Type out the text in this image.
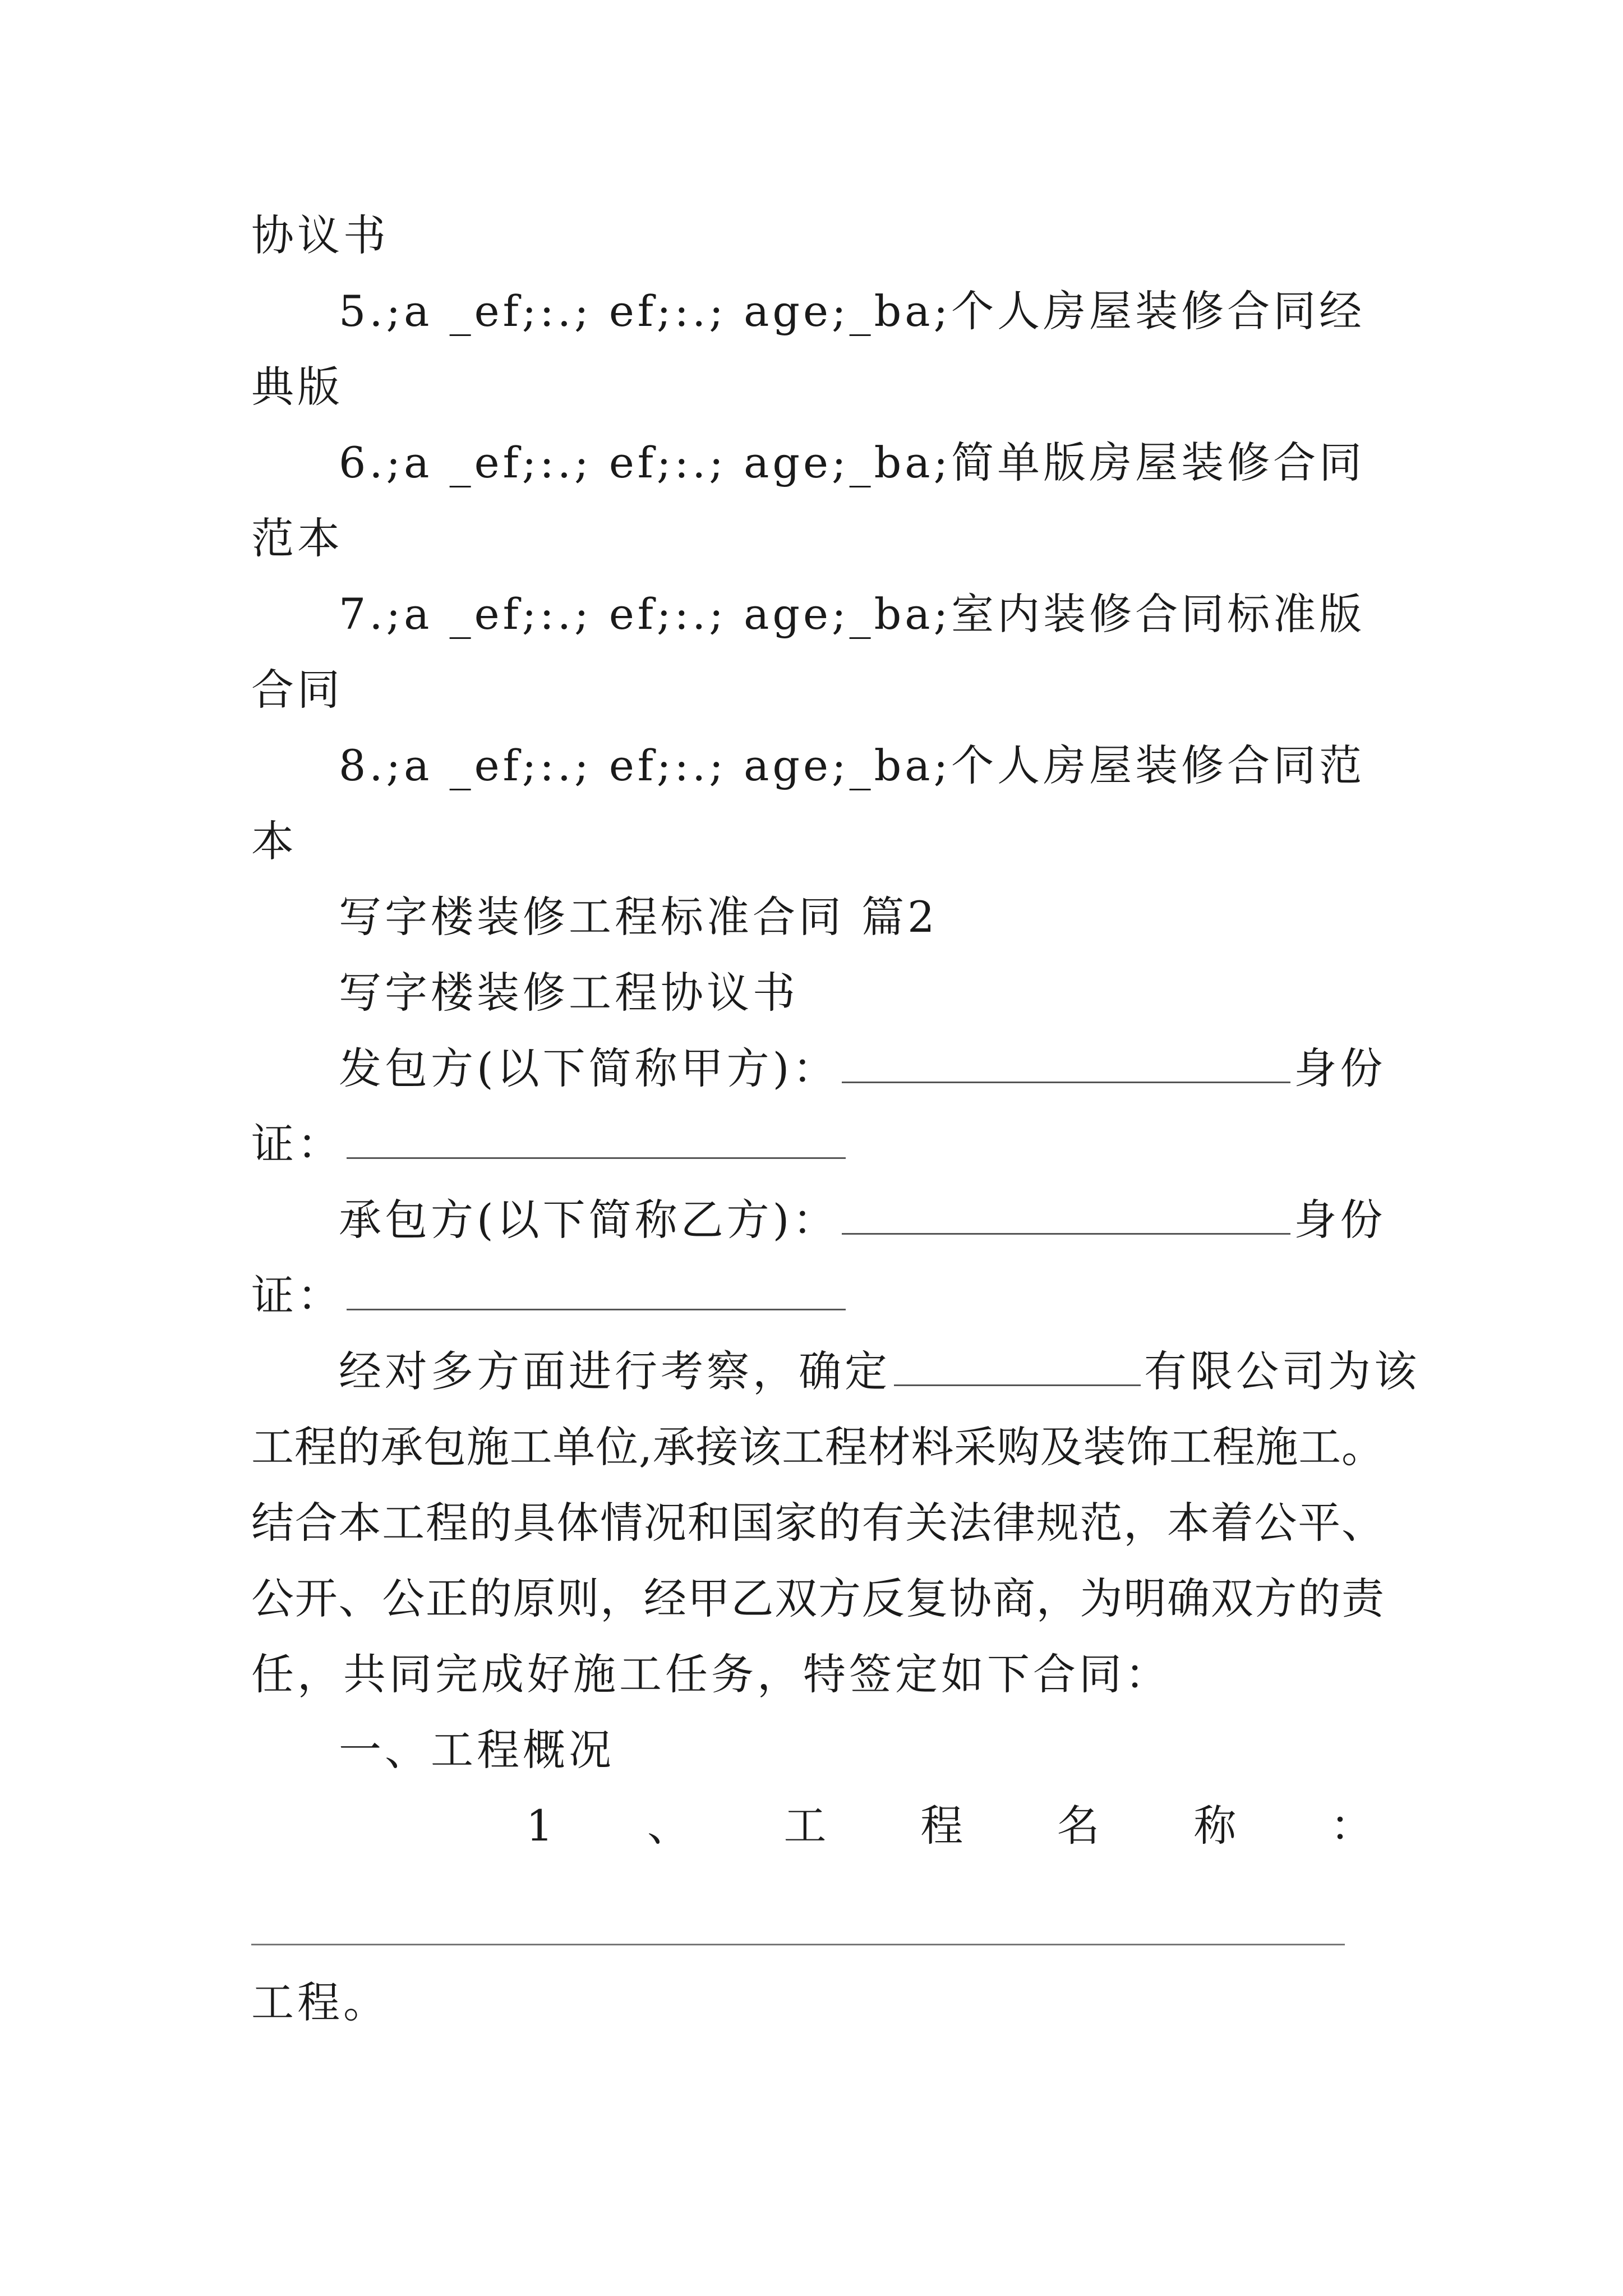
协议书
5.;a _ef;:.; ef;:.; age;_ba;个人房屋装修合同经
典版
6.;a _ef;:.; ef;:.; age;_ba;简单版房屋装修合同
范本
7.;a _ef;:.; ef;:.; age;_ba;室内装修合同标准版
合同
8.;a _ef;:.; ef;:.; age;_ba;个人房屋装修合同范
本
写字楼装修工程标准合同 篇2
写字楼装修工程协议书
发包方(以下简称甲方)：	身份
证：
承包方(以下简称乙方)：	身份
证：
经对多方面进行考察，确定	有限公司为该
工程的承包施工单位,承接该工程材料采购及装饰工程施工。
结合本工程的具体情况和国家的有关法律规范，本着公平、
公开、公正的原则，经甲乙双方反复协商，为明确双方的责
任，共同完成好施工任务，特签定如下合同：
一、工程概况
1 、 工 程 名 称 ：
工程。
